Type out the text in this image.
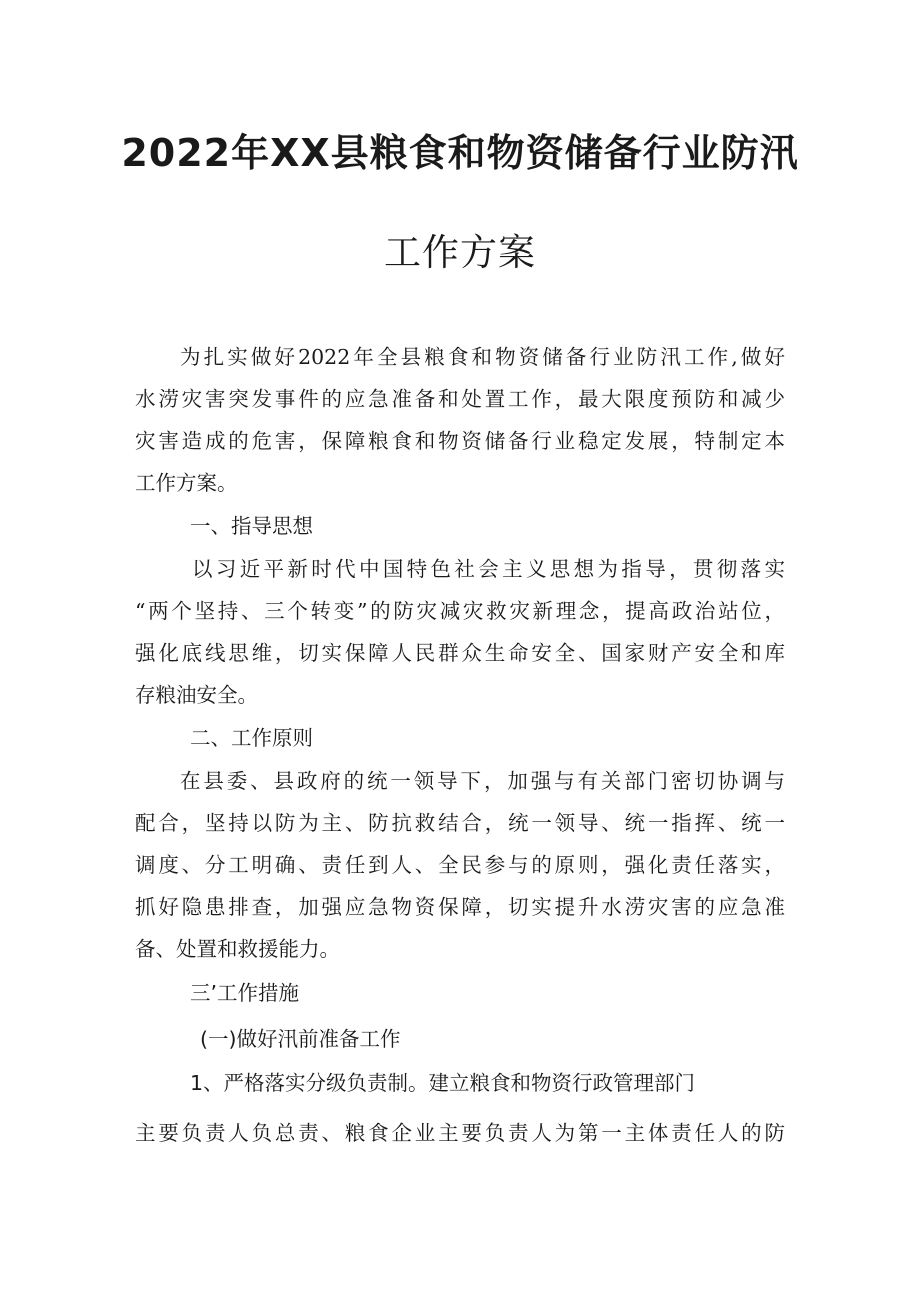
2022年XX县粮食和物资储备行业防汛
工作方案
为扎实做好2022年全县粮食和物资储备行业防汛工作,做好
水涝灾害突发事件的应急准备和处置工作，最大限度预防和减少
灾害造成的危害，保障粮食和物资储备行业稳定发展，特制定本
工作方案。
一、指导思想
以习近平新时代中国特色社会主义思想为指导，贯彻落实
“两个坚持、三个转变”的防灾减灾救灾新理念，提高政治站位，
强化底线思维，切实保障人民群众生命安全、国家财产安全和库
存粮油安全。
二、工作原则
在县委、县政府的统一领导下，加强与有关部门密切协调与
配合，坚持以防为主、防抗救结合，统一领导、统一指挥、统一
调度、分工明确、责任到人、全民参与的原则，强化责任落实，
抓好隐患排查，加强应急物资保障，切实提升水涝灾害的应急准
备、处置和救援能力。
三’工作措施
(一)做好汛前准备工作
1、严格落实分级负责制。建立粮食和物资行政管理部门
主要负责人负总责、粮食企业主要负责人为第一主体责任人的防
